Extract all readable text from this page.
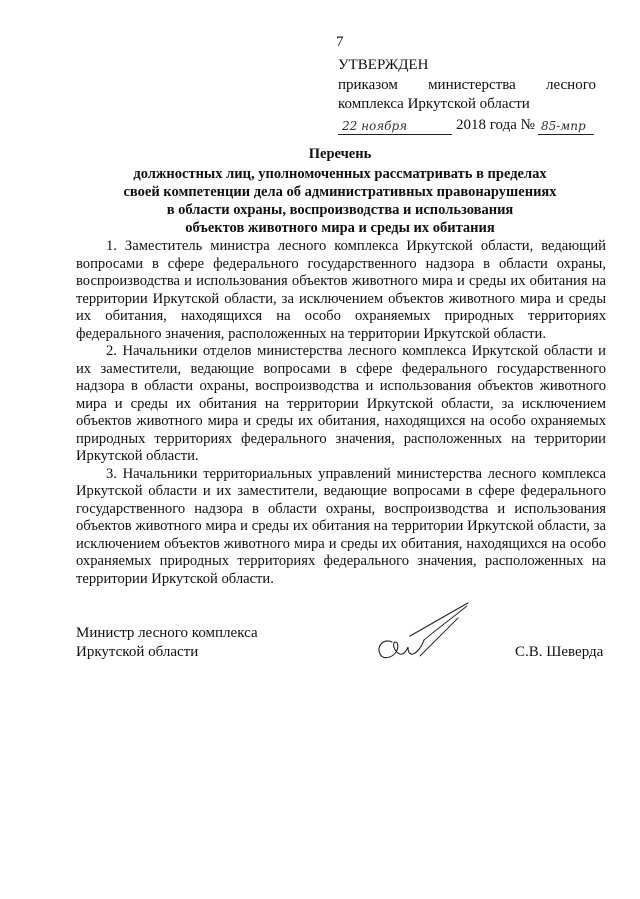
7
УТВЕРЖДЕН
приказом министерства лесного
комплекса Иркутской области
22 ноября	2018 года № 85-мпр
Перечень
должностных лиц, уполномоченных рассматривать в пределах
своей компетенции дела об административных правонарушениях
в области охраны, воспроизводства и использования
объектов животного мира и среды их обитания

1. Заместитель министра лесного комплекса Иркутской области, ведающий вопросами в сфере федерального государственного надзора в области охраны, воспроизводства и использования объектов животного мира и среды их обитания на территории Иркутской области, за исключением объектов животного мира и среды их обитания, находящихся на особо охраняемых природных территориях федерального значения, расположенных на территории Иркутской области.

2. Начальники отделов министерства лесного комплекса Иркутской области и их заместители, ведающие вопросами в сфере федерального государственного надзора в области охраны, воспроизводства и использования объектов животного мира и среды их обитания на территории Иркутской области, за исключением объектов животного мира и среды их обитания, находящихся на особо охраняемых природных территориях федерального значения, расположенных на территории Иркутской области.

3. Начальники территориальных управлений министерства лесного комплекса Иркутской области и их заместители, ведающие вопросами в сфере федерального государственного надзора в области охраны, воспроизводства и использования объектов животного мира и среды их обитания на территории Иркутской области, за исключением объектов животного мира и среды их обитания, находящихся на особо охраняемых природных территориях федерального значения, расположенных на территории Иркутской области.

Министр лесного комплекса
Иркутской области	С.В. Шеверда
